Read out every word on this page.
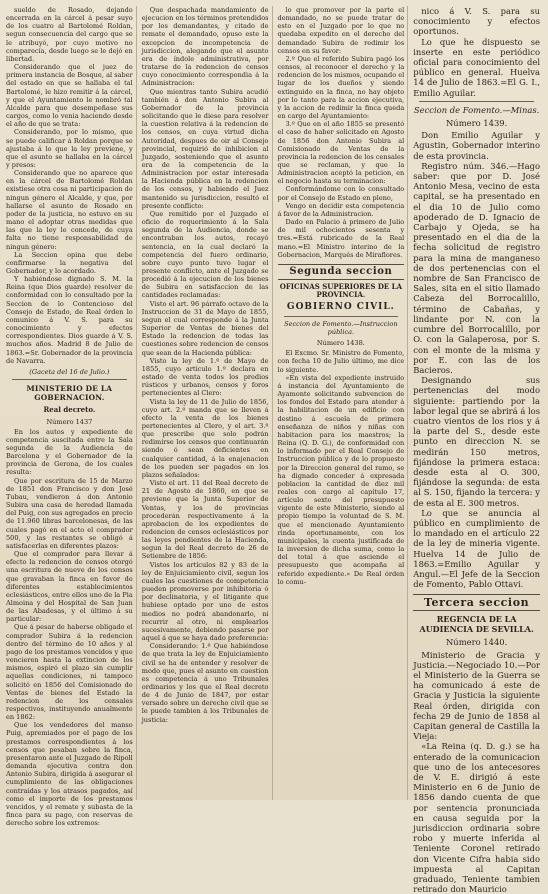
sueldo de Rosado, dejando encerrada en la cárcel á pesar suyo de los cuatro al Bartolomé Roldan, segun consecuencia del cargo que se le atribuyó, por cuyo motivo no comparecía, desde luego se le dejó en libertad.

Considerando que el juez de primera instancia de Bosque, al saber del estado en que se hallaba el tal Bartolomé, le hizo remitir á la cárcel, y que el Ayuntamiento le nombró tal Alcalde para que desempeñase sus cargos, como lo venia haciendo desde el año de que se trata:

Considerando, por lo mismo, que se puede calificar á Roldan porque se ajustaba á lo que la ley previene, y que el asunto se hallaba en la cárcel y presos:

Considerando que no aparece que en la cárcel de Bartolomé Roldan existiese otra cosa ni participacion de ningun género el Alcalde, y que, por hallarse el asunto de Rosado en poder de la justicia, no estuvo en su mano el adoptar otras medidas que las que la ley le concede, de cuya falta no tiene responsabilidad de ningun género:

La Seccion opina que debe confirmarse la negativa del Gobernador, y lo acordado.

Y habiéndose dignado S. M. la Reina (que Dios guarde) resolver de conformidad con lo consultado por la Seccion de lo Contencioso del Consejo de Estado, de Real órden lo comunico á V. S. para su conocimiento y efectos correspondientes. Dios guarde á V. S. muchos años. Madrid 8 de Julio de 1863.=Sr. Gobernador de la provincia de Navarra.

(Gaceta del 16 de Julio.)
MINISTERIO DE LA GOBERNACION.
Real decreto.
Número 1437

En los autos y expediente de competencia suscitada entre la Sala segunda de la Audiencia de Barcelona y el Gobernador de la provincia de Gerona, de los cuales resulta:

Que por escritura de 15 de Marzo de 1851 don Francisco y don José Tubau, vendieron á don Antonio Subira una casa de heredad llamada del Puig, con sus agregados en precio de 11.960 libras barcelonesas, de las cuales pagó en el acto el comprador 500, y las restantes se obligó á satisfacerlas en diferentes plazos:

Que el comprador para llevar á efecto la redencion de censos otorgó una escritura de nueve de los censos que gravaban la finca en favor de diferentes establecimientos eclesiásticos, entre ellos uno de la Pia Almoina y del Hospital de San Juan de las Abadesas, y el último á su particular:

Que á pesar de haberse obligado el comprador Subira á la redencion dentro del término de 10 años y al pago de los prestamos vencidos y que vencieren hasta la extincion de los mismos, espiró el plazo sin cumplir aquellas condiciones, ni tampoco solicitó en 1856 del Comisionado de Ventas de bienes del Estado la redencion de los censales respectivos, instituyendo anualmente en 1862:

Que los vendedores del manso Puig, apremiados por el pago de los prestamos correspondientes á los censos que pesaban sobre la finca, presentaron ante el Juzgado de Ripoll demanda ejecutiva contra don Antonio Subira, dirigida á asegurar el cumplimiento de las obligaciones contraidas y los atrasos pagados, así como el importe de los prestamos vencidos, y el remate y subasta de la finca para su pago, con reservas de derecho sobre los extremos:

Que despachada mandamiento de ejecucion en los términos pretendidos por los demandantes, y citado de remate el demandado, opuso este la excepcion de incompetencia de jurisdiccion, alegando que el asunto era de índole administrativa, por tratarse de la redencion de censos cuyo conocimiento correspondia á la Administracion:

Que mientras tanto Subira acudió también á don Antonio Subira al Gobernador de la provincia solicitando que le diese para resolver la cuestion relativa á la redencion de los censos, en cuya virtud dicha Autoridad, despues de oir al Consejo provincial, requirió de inhibicion al Juzgado, sosteniendo que el asunto era de la competencia de la Administracion por estar interesada la Hacienda pública en la redencion de los censos, y habiendo el Juez mantenido su jurisdiccion, resultó el presente conflicto:

Que remitido por el Juzgado el oficio de requerimiento á la Sala segunda de la Audiencia, donde se encontraban los autos, recayó sentencia, en la cual declaró la competencia del fuero ordinario, sobre cuyo punto tuvo lugar el presente conflicto, ante el Juzgado se procedió á la ejecucion de los bienes de Subira en satisfaccion de las cantidades reclamadas:

Visto el art. 96 párrafo octavo de la Instruccion de 31 de Mayo de 1855, segun el cual corresponde á la Junta Superior de Ventas de bienes del Estado la redencion de todas las cuestiones sobre redencion de censos que sean de la Hacienda pública:

Visto la ley de 1.º de Mayo de 1855, cuyo artículo 1.º declara en estado de venta todos los predios rústicos y urbanos, censos y foros pertenecientes al Clero:

Vista la ley de 11 de Julio de 1856, cuyo art. 2.º manda que se lleven á efecto la venta de los bienes pertenecientes al Clero, y el art. 3.º que prescribe que solo podrán redimirse los censos que continuarán siendo ó sean deficientes en cualquier cantidad, á la enajenacion de los pueden ser pagados en los plazos señalados:

Visto el art. 11 del Real decreto de 21 de Agosto de 1860, en que se previene que la Junta Superior de Ventas, y los de provincias procederán respectivamente á la aprobacion de los expedientes de redencion de censos eclesiásticos por las leyes pendientes de la Hacienda, segun la del Real decreto de 26 de Setiembre de 1856:

Vistos los artículos 82 y 83 de la ley de Enjuiciamiento civil, segun los cuales las cuestiones de competencia pueden promoverse por inhibitoria ó por declinatoria, y el litigante que hubiese optado por uno de estos medios no podrá abandonarlo, ni recurrir al otro, ni emplearlos sucesivamente, debiendo pasarse por aquel á que se haya dado preferencia:

Considerando: 1.º Que habiéndose de que trata la ley de Enjuiciamiento civil se ha de entender y resolver de modo que, pues el asunto en cuestion es competencia á uno Tribunales ordinarios y los que el Real decreto de 4 de Junio de 1847, por estar versado sobre un derecho civil que se le puede tambien á los Tribunales de justicia:

lo que promover por la parte el demandado, no se puede tratar de esto en el Juzgado por lo que no quedaba expedito en el derecho del demandado Subira de redimir los censos en su favor:

2.º Que el referido Subira pagó los censos, al reconocer el derecho y la redencion de los mismos, ocupando el lugar de los dueños y siendo extinguido en la finca, no hay objeto por lo tanto para la accion ejecutiva, y la accion de redimir la finca queda en cargo del Ayuntamiento:

3.º Que en el año 1855 se presentó el caso de haber solicitado en Agosto de 1856 don Antonio Subira al Comisionado de Ventas de la provincia la redencion de los censales que se reclaman, y que la Administracion aceptó la peticion, en el negocio hasta su terminacion:

Conformándome con lo consultado por el Consejo de Estado en pleno,

Vengo en decidir esta competencia á favor de la Administracion.

Dado en Palacio á primero de Julio de mil ochocientos sesenta y tres.=Está rubricado de la Real mano.=El Ministro interino de la Gobernacion, Marqués de Miraflores.

Segunda seccion
OFICINAS SUPERIORES DE LA PROVINCIA.
GOBIERNO CIVIL.
Seccion de Fomento.—Instruccion pública.
Número 1438.

El Excmo. Sr. Ministro de Fomento, con fecha 10 de Julio último, me dice lo siguiente.

«En vista del expediente instruido á instancia del Ayuntamiento de Ayamonte solicitando subvencion de los fondos del Estado para atender á la habilitacion de un edificio con destino á escuela de primera enseñanza de niños y niñas con habitacion para los maestros; la Reina (Q. D. G.), de conformidad con lo informado por el Real Consejo de Instruccion pública y de lo propuesto por la Direccion general del ramo, se ha dignado conceder á expresada poblacion la cantidad de diez mil reales con cargo al capítulo 17, artículo sexto del presupuesto vigente de este Ministerio, siendo al propio tiempo la voluntad de S. M. que el mencionado Ayuntamiento rinda oportunamente, con los municipales, la cuenta justificada de la inversion de dicha suma, como la del total á que asciende el presupuesto que acompaña al referido expediente.» De Real órden lo comu-

nico á V. S. para su conocimiento y efectos oportunos.

Lo que he dispuesto se inserte en este periódico oficial para conocimiento del público en general. Huelva 14 de Julio de 1863.=El G. I., Emilio Aguilar.

Seccion de Fomento.—Minas.
Número 1439.

Don Emilio Aguilar y Agustin, Gobernador interino de esta provincia.

Registro núm. 346.—Hago saber: que por D. José Antonio Mesa, vecino de esta capital, se ha presentado en el dia 10 de Julio como apoderado de D. Ignacio de Carbajo y Ojeda, se ha presentado en el dia de la fecha solicitud de registro para la mina de manganeso de dos pertenencias con el nombre de San Francisco de Sales, sita en el sitio llamado Cabeza del Borrocalillo, término de Cabañas, y lindante por N. con la cumbre del Borrocalillo, por O. con la Galaperosa, por S. con el monte de la misma y por E. con las de los Bacieros.

Designando sus pertenencias del modo siguiente: partiendo por la labor legal que se abrirá á los cuatro vientos de los rios y á la parte del S., desde este punto en direccion N. se medirán 150 metros, fijándose la primera estaca: desde esta al O. 300, fijándose la segunda: de esta al S. 150, fijando la tercera: y de esta al E. 300 metros.

Lo que se anuncia al público en cumplimiento de lo mandado en el artículo 22 de la ley de mineria vigente. Huelva 14 de Julio de 1863.=Emilio Aguilar y Angul.—El Jefe de la Seccion de Fomento, Pablo Ottavi.

Tercera seccion
REGENCIA DE LA AUDIENCIA DE SEVILLA.
Número 1440.

Ministerio de Gracia y Justicia.—Negociado 10.—Por el Ministerio de la Guerra se ha comunicado á este de Gracia y Justicia la siguiente Real órden, dirigida con fecha 29 de Junio de 1858 al Capitan general de Castilla la Vieja:

«La Reina (q. D. g.) se ha enterado de la comunicacion que uno de los antecesores de V. E. dirigió á este Ministerio en 6 de Junio de 1856 dando cuenta de que por sentencia pronunciada en causa seguida por la jurisdiccion ordinaria sobre robo y muerte inferida al Teniente Coronel retirado don Vicente Cifra habia sido impuesta al Capitan graduado, Teniente tambien retirado don Mauricio
